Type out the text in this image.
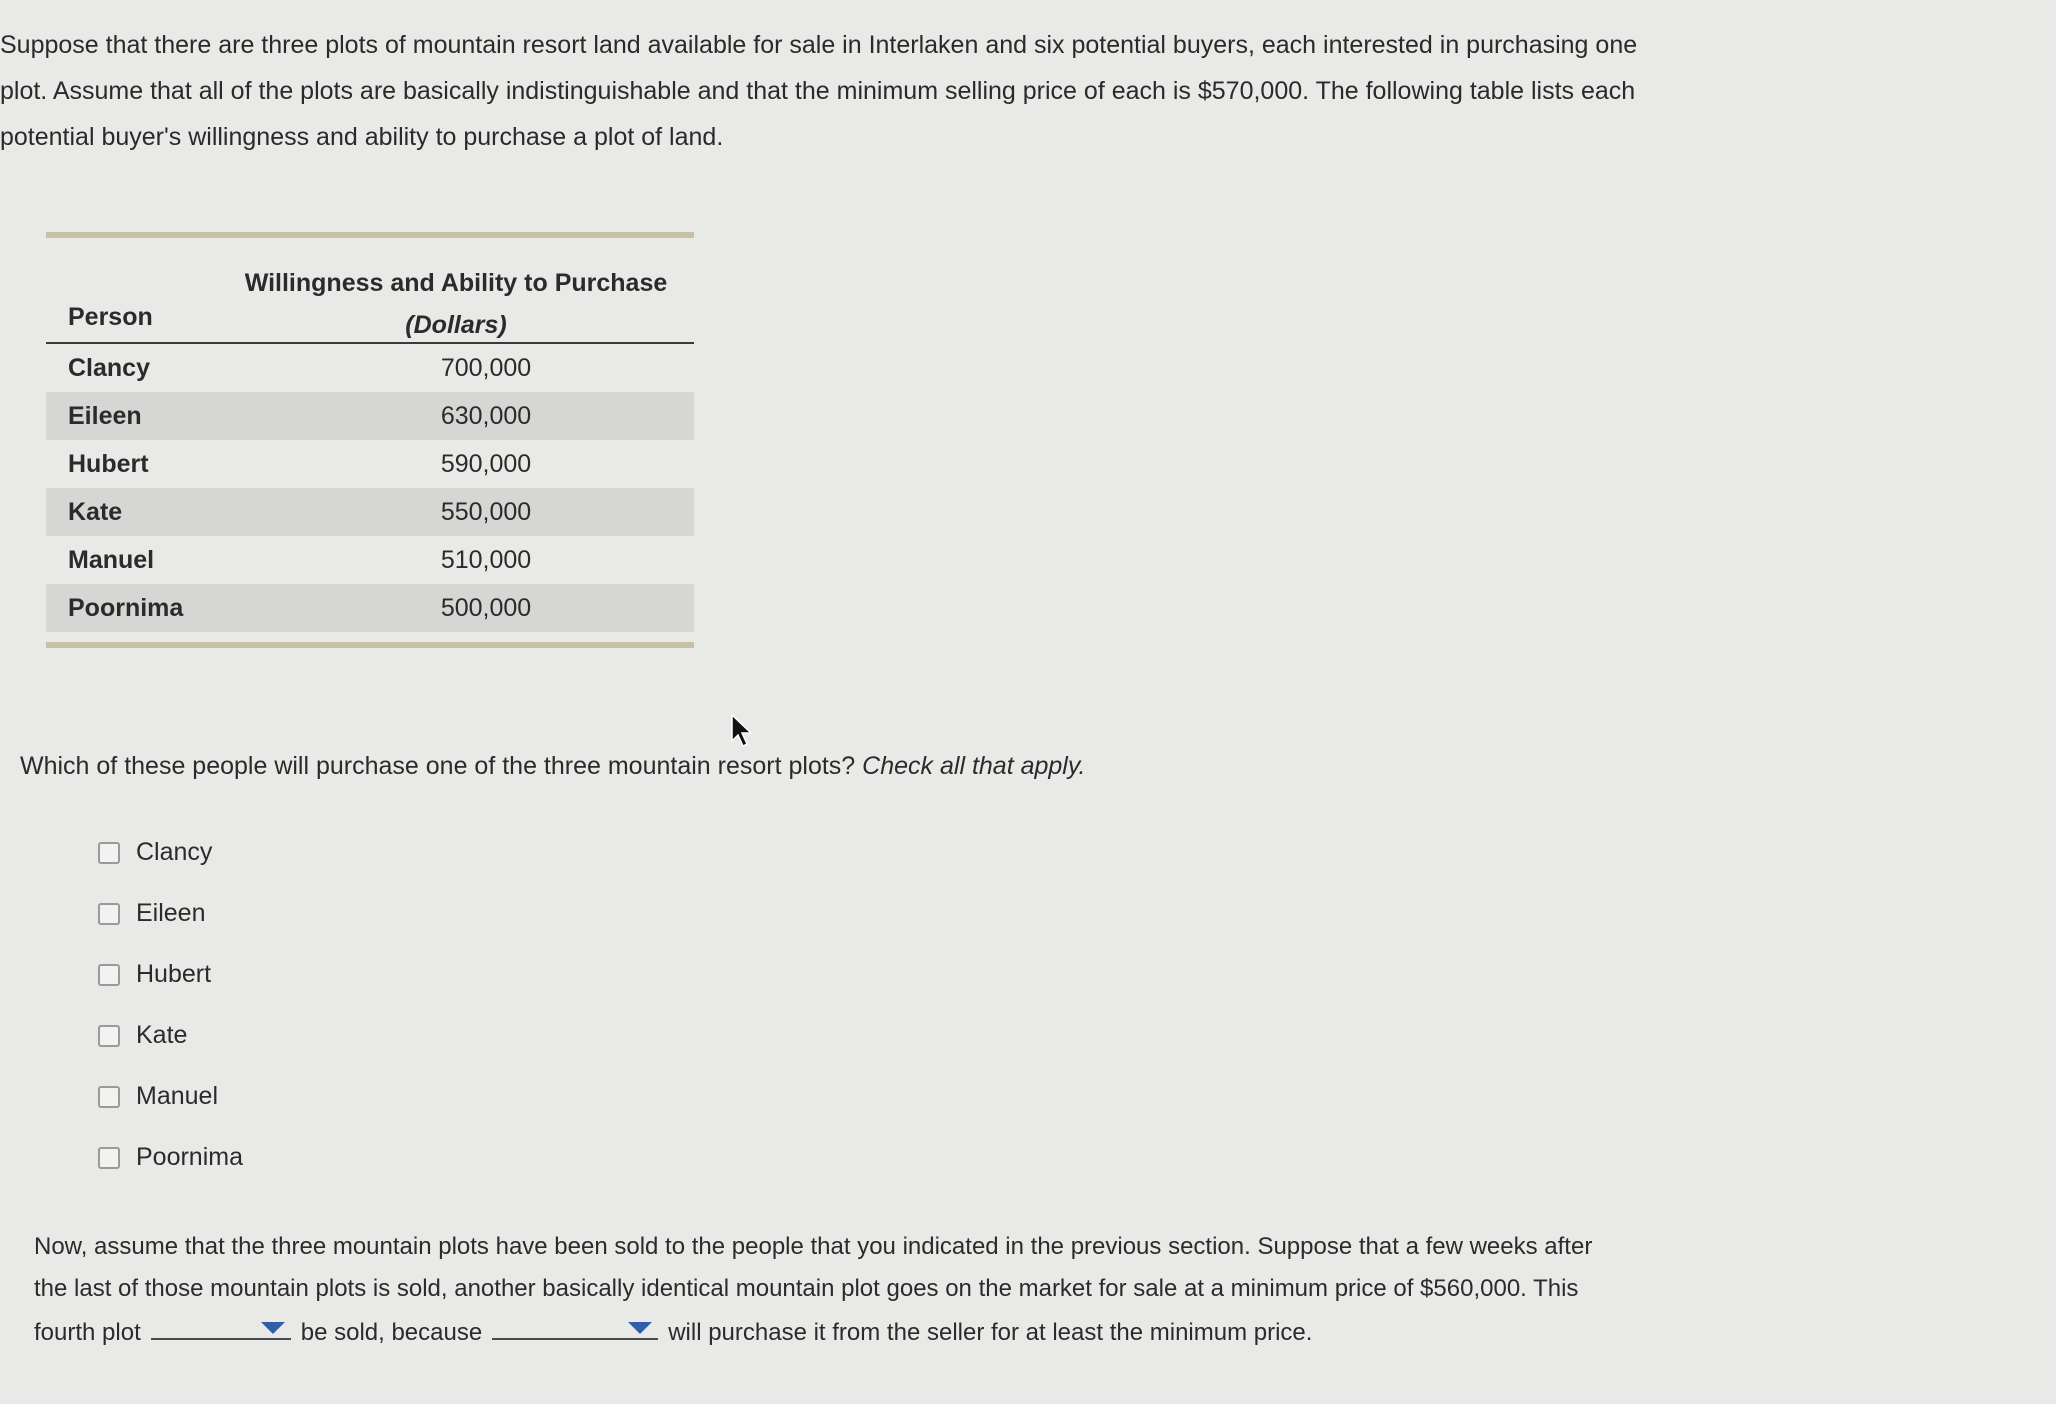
Suppose that there are three plots of mountain resort land available for sale in Interlaken and six potential buyers, each interested in purchasing one
plot. Assume that all of the plots are basically indistinguishable and that the minimum selling price of each is $570,000. The following table lists each
potential buyer's willingness and ability to purchase a plot of land.
Person
Willingness and Ability to Purchase
(Dollars)
Clancy	700,000
Eileen	630,000
Hubert	590,000
Kate	550,000
Manuel	510,000
Poornima	500,000
Which of these people will purchase one of the three mountain resort plots? Check all that apply.
Clancy
Eileen
Hubert
Kate
Manuel
Poornima
Now, assume that the three mountain plots have been sold to the people that you indicated in the previous section. Suppose that a few weeks after
the last of those mountain plots is sold, another basically identical mountain plot goes on the market for sale at a minimum price of $560,000. This
fourth plot	be sold, because	will purchase it from the seller for at least the minimum price.
